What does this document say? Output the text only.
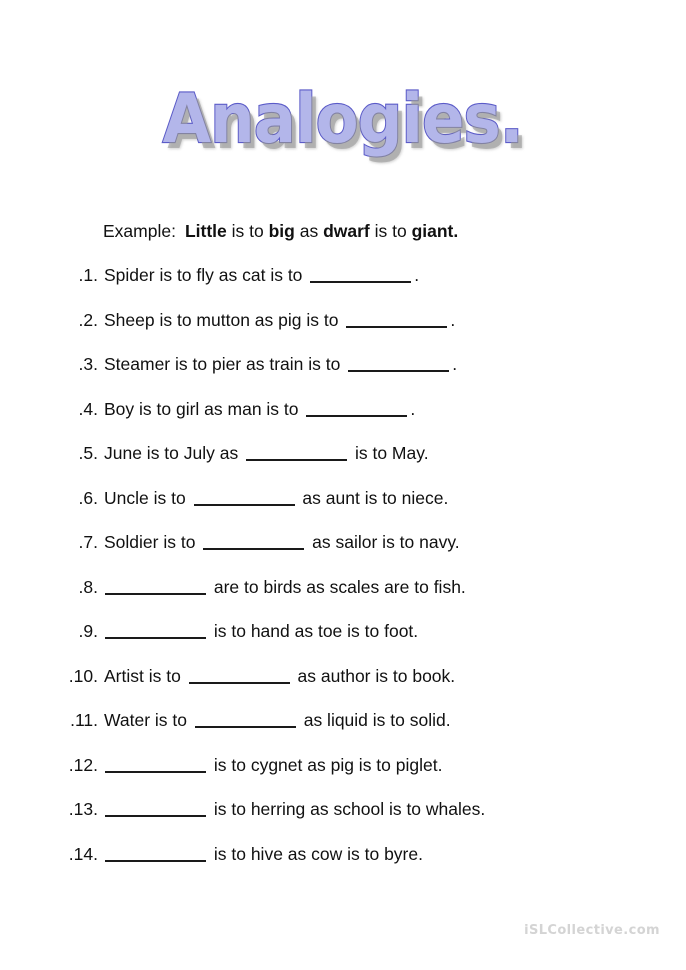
Analogies.
Example: Little is to big as dwarf is to giant.
.1. Spider is to fly as cat is to	.
.2. Sheep is to mutton as pig is to	.
.3. Steamer is to pier as train is to	.
.4. Boy is to girl as man is to	.
.5. June is to July as	is to May.
.6. Uncle is to	as aunt is to niece.
.7. Soldier is to	as sailor is to navy.
.8.	are to birds as scales are to fish.
.9.	is to hand as toe is to foot.
.10. Artist is to	as author is to book.
.11. Water is to	as liquid is to solid.
.12.	is to cygnet as pig is to piglet.
.13.	is to herring as school is to whales.
.14.	is to hive as cow is to byre.
iSLCollective.com
